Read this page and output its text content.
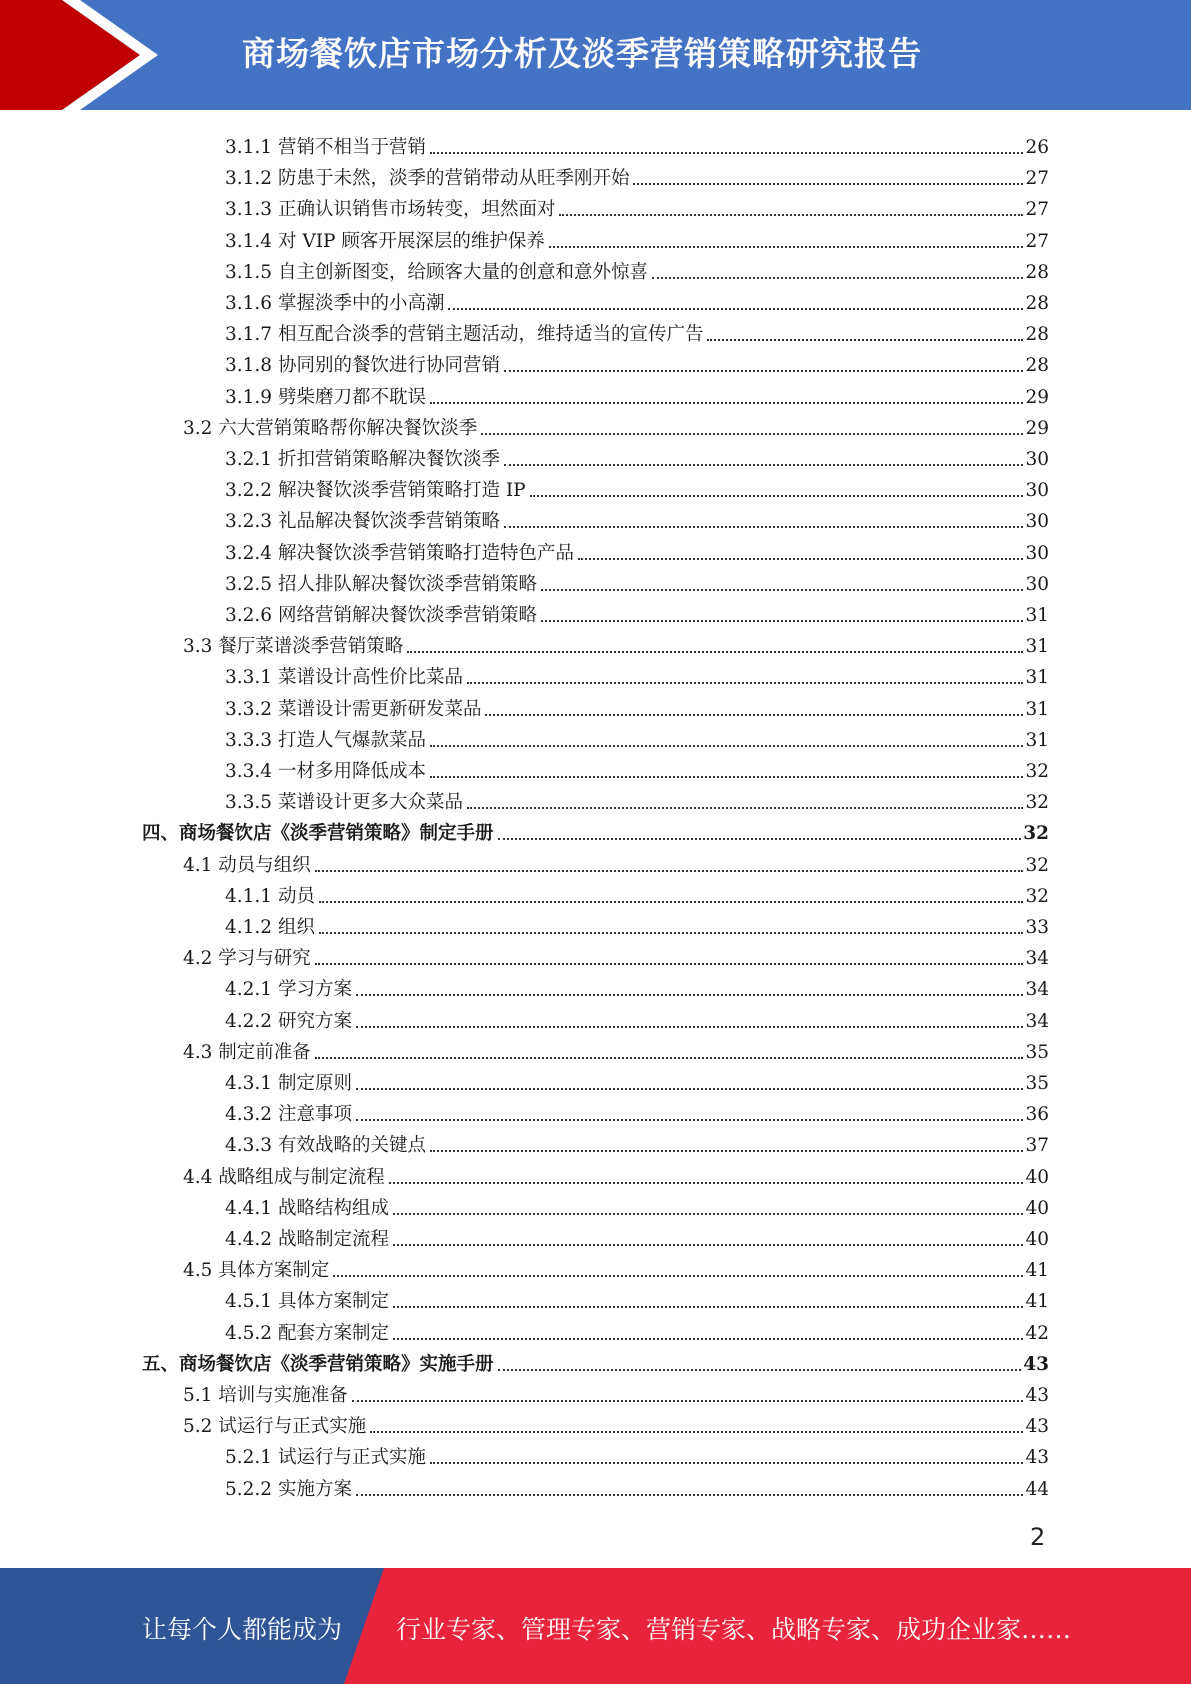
商场餐饮店市场分析及淡季营销策略研究报告
3.1.1 营销不相当于营销	26
3.1.2 防患于未然，淡季的营销带动从旺季刚开始	27
3.1.3 正确认识销售市场转变，坦然面对	27
3.1.4 对 VIP 顾客开展深层的维护保养	27
3.1.5 自主创新图变，给顾客大量的创意和意外惊喜	28
3.1.6 掌握淡季中的小高潮	28
3.1.7 相互配合淡季的营销主题活动，维持适当的宣传广告	28
3.1.8 协同别的餐饮进行协同营销	28
3.1.9 劈柴磨刀都不耽误	29
3.2 六大营销策略帮你解决餐饮淡季	29
3.2.1 折扣营销策略解决餐饮淡季	30
3.2.2 解决餐饮淡季营销策略打造 IP	30
3.2.3 礼品解决餐饮淡季营销策略	30
3.2.4 解决餐饮淡季营销策略打造特色产品	30
3.2.5 招人排队解决餐饮淡季营销策略	30
3.2.6 网络营销解决餐饮淡季营销策略	31
3.3 餐厅菜谱淡季营销策略	31
3.3.1 菜谱设计高性价比菜品	31
3.3.2 菜谱设计需更新研发菜品	31
3.3.3 打造人气爆款菜品	31
3.3.4 一材多用降低成本	32
3.3.5 菜谱设计更多大众菜品	32
四、商场餐饮店《淡季营销策略》制定手册	32
4.1 动员与组织	32
4.1.1 动员	32
4.1.2 组织	33
4.2 学习与研究	34
4.2.1 学习方案	34
4.2.2 研究方案	34
4.3 制定前准备	35
4.3.1 制定原则	35
4.3.2 注意事项	36
4.3.3 有效战略的关键点	37
4.4 战略组成与制定流程	40
4.4.1 战略结构组成	40
4.4.2 战略制定流程	40
4.5 具体方案制定	41
4.5.1 具体方案制定	41
4.5.2 配套方案制定	42
五、商场餐饮店《淡季营销策略》实施手册	43
5.1 培训与实施准备	43
5.2 试运行与正式实施	43
5.2.1 试运行与正式实施	43
5.2.2 实施方案	44
2
让每个人都能成为 行业专家、管理专家、营销专家、战略专家、成功企业家……
